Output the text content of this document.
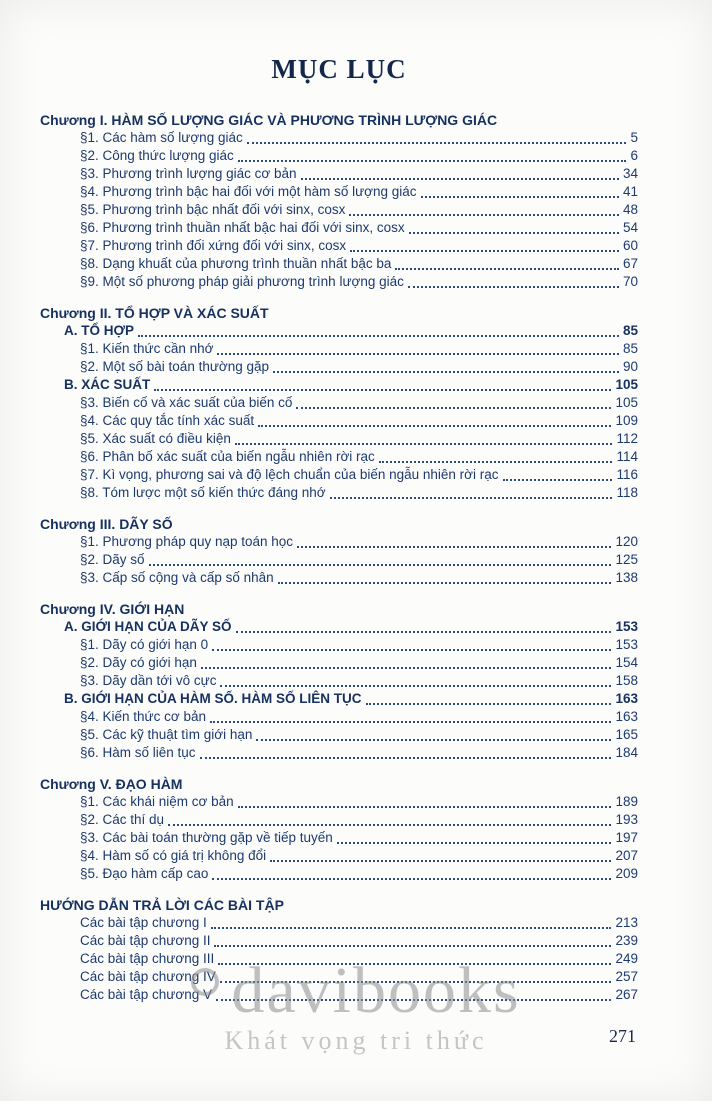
MỤC LỤC
Chương I. HÀM SỐ LƯỢNG GIÁC VÀ PHƯƠNG TRÌNH LƯỢNG GIÁC
§1. Các hàm số lượng giác	5
§2. Công thức lượng giác	6
§3. Phương trình lượng giác cơ bản	34
§4. Phương trình bậc hai đối với một hàm số lượng giác	41
§5. Phương trình bậc nhất đối với sinx, cosx	48
§6. Phương trình thuần nhất bậc hai đối với sinx, cosx	54
§7. Phương trình đối xứng đối với sinx, cosx	60
§8. Dạng khuất của phương trình thuần nhất bậc ba	67
§9. Một số phương pháp giải phương trình lượng giác	70
Chương II. TỔ HỢP VÀ XÁC SUẤT
A. TỔ HỢP	85
§1. Kiến thức cần nhớ	85
§2. Một số bài toán thường gặp	90
B. XÁC SUẤT	105
§3. Biến cố và xác suất của biến cố	105
§4. Các quy tắc tính xác suất	109
§5. Xác suất có điều kiện	112
§6. Phân bố xác suất của biến ngẫu nhiên rời rạc	114
§7. Kì vọng, phương sai và độ lệch chuẩn của biến ngẫu nhiên rời rạc	116
§8. Tóm lược một số kiến thức đáng nhớ	118
Chương III. DÃY SỐ
§1. Phương pháp quy nạp toán học	120
§2. Dãy số	125
§3. Cấp số cộng và cấp số nhân	138
Chương IV. GIỚI HẠN
A. GIỚI HẠN CỦA DÃY SỐ	153
§1. Dãy có giới hạn 0	153
§2. Dãy có giới hạn	154
§3. Dãy dần tới vô cực	158
B. GIỚI HẠN CỦA HÀM SỐ. HÀM SỐ LIÊN TỤC	163
§4. Kiến thức cơ bản	163
§5. Các kỹ thuật tìm giới hạn	165
§6. Hàm số liên tục	184
Chương V. ĐẠO HÀM
§1. Các khái niệm cơ bản	189
§2. Các thí dụ	193
§3. Các bài toán thường gặp về tiếp tuyến	197
§4. Hàm số có giá trị không đổi	207
§5. Đạo hàm cấp cao	209
HƯỚNG DẪN TRẢ LỜI CÁC BÀI TẬP
Các bài tập chương I	213
Các bài tập chương II	239
Các bài tập chương III	249
Các bài tập chương IV	257
Các bài tập chương V	267
davibooks
Khát vọng tri thức	271
